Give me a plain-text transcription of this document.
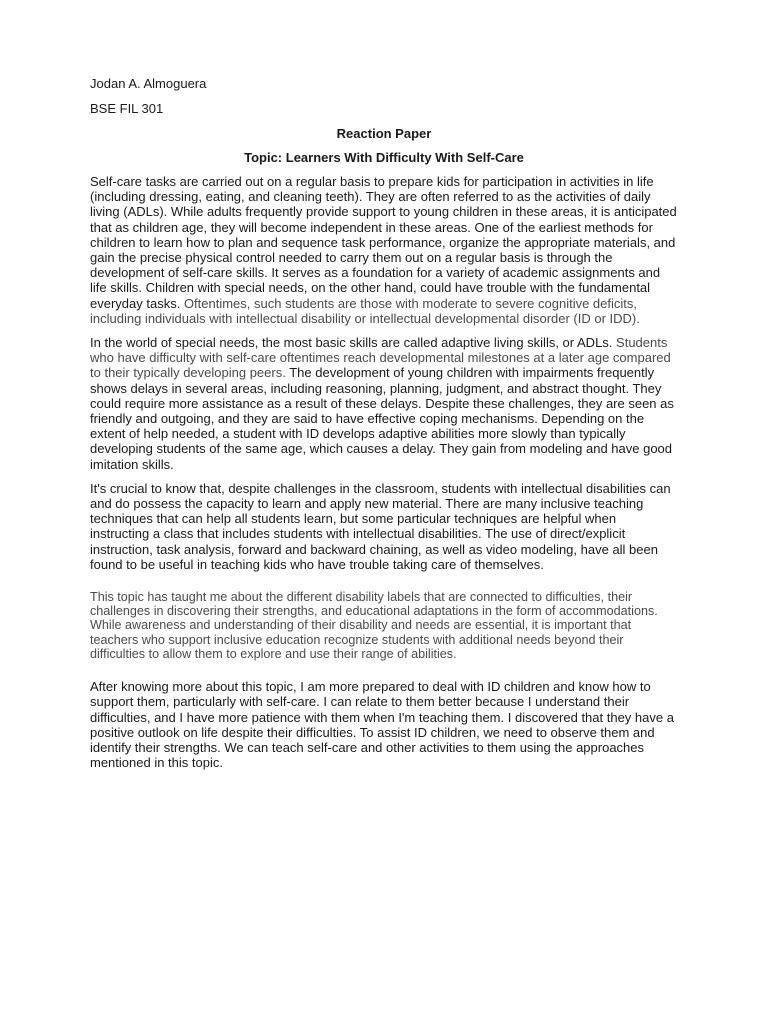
Jodan A. Almoguera
BSE FIL 301
Reaction Paper
Topic: Learners With Difficulty With Self-Care

Self-care tasks are carried out on a regular basis to prepare kids for participation in activities in life (including dressing, eating, and cleaning teeth). They are often referred to as the activities of daily living (ADLs). While adults frequently provide support to young children in these areas, it is anticipated that as children age, they will become independent in these areas. One of the earliest methods for children to learn how to plan and sequence task performance, organize the appropriate materials, and gain the precise physical control needed to carry them out on a regular basis is through the development of self-care skills. It serves as a foundation for a variety of academic assignments and life skills. Children with special needs, on the other hand, could have trouble with the fundamental everyday tasks. Oftentimes, such students are those with moderate to severe cognitive deficits, including individuals with intellectual disability or intellectual developmental disorder (ID or IDD).

In the world of special needs, the most basic skills are called adaptive living skills, or ADLs. Students who have difficulty with self-care oftentimes reach developmental milestones at a later age compared to their typically developing peers. The development of young children with impairments frequently shows delays in several areas, including reasoning, planning, judgment, and abstract thought. They could require more assistance as a result of these delays. Despite these challenges, they are seen as friendly and outgoing, and they are said to have effective coping mechanisms. Depending on the extent of help needed, a student with ID develops adaptive abilities more slowly than typically developing students of the same age, which causes a delay. They gain from modeling and have good imitation skills.

It's crucial to know that, despite challenges in the classroom, students with intellectual disabilities can and do possess the capacity to learn and apply new material. There are many inclusive teaching techniques that can help all students learn, but some particular techniques are helpful when instructing a class that includes students with intellectual disabilities. The use of direct/explicit instruction, task analysis, forward and backward chaining, as well as video modeling, have all been found to be useful in teaching kids who have trouble taking care of themselves.

This topic has taught me about the different disability labels that are connected to difficulties, their challenges in discovering their strengths, and educational adaptations in the form of accommodations. While awareness and understanding of their disability and needs are essential, it is important that teachers who support inclusive education recognize students with additional needs beyond their difficulties to allow them to explore and use their range of abilities.

After knowing more about this topic, I am more prepared to deal with ID children and know how to support them, particularly with self-care. I can relate to them better because I understand their difficulties, and I have more patience with them when I'm teaching them. I discovered that they have a positive outlook on life despite their difficulties. To assist ID children, we need to observe them and identify their strengths. We can teach self-care and other activities to them using the approaches mentioned in this topic.
